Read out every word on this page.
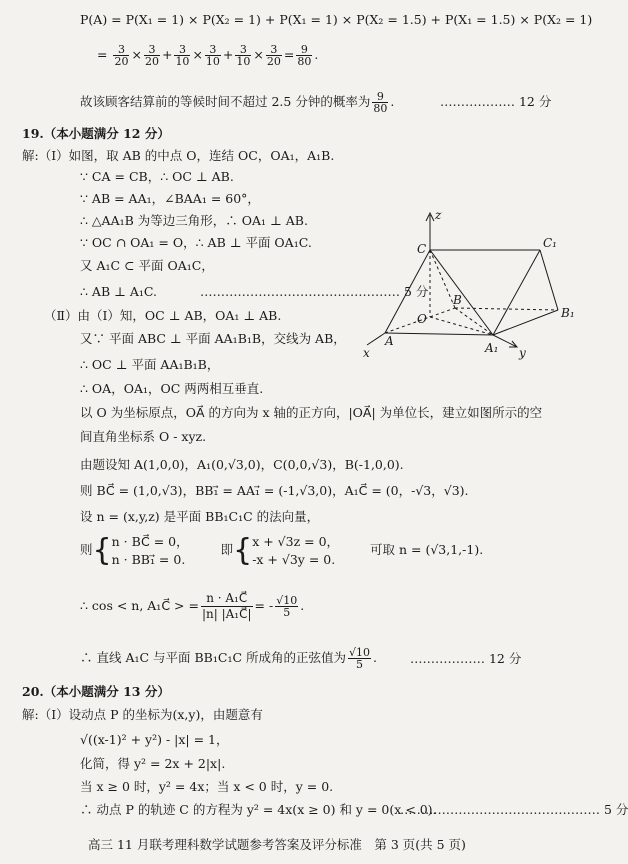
P(A) = P(X₁ = 1) × P(X₂ = 1) + P(X₁ = 1) × P(X₂ = 1.5) + P(X₁ = 1.5) × P(X₂ = 1)
= $\frac{3}{20} \times \frac{3}{20} + \frac{3}{10} \times \frac{3}{10} + \frac{3}{10} \times \frac{3}{20} = \frac{9}{80}$ .
故该顾客结算前的等候时间不超过 2.5 分钟的概率为 $\frac{9}{80}$ .	……………… 12 分
19.（本小题满分 12 分）
解:（Ⅰ）如图，取 AB 的中点 O，连结 OC，OA₁，A₁B.
∵ CA = CB，∴ OC ⊥ AB.
∵ AB = AA₁，∠BAA₁ = 60°，
∴ △AA₁B 为等边三角形，∴ OA₁ ⊥ AB.
∵ OC ∩ OA₁ = O，∴ AB ⊥ 平面 OA₁C.
又 A₁C ⊂ 平面 OA₁C，
∴ AB ⊥ A₁C.	………………………………………… 5 分
（Ⅱ）由（Ⅰ）知，OC ⊥ AB，OA₁ ⊥ AB.
又∵ 平面 ABC ⊥ 平面 AA₁B₁B，交线为 AB，
∴ OC ⊥ 平面 AA₁B₁B，
∴ OA，OA₁，OC 两两相互垂直.
以 O 为坐标原点，OA⃗ 的方向为 x 轴的正方向，|OA⃗| 为单位长，建立如图所示的空
间直角坐标系 O - xyz.
由题设知 A(1,0,0)，A₁(0,√3,0)，C(0,0,√3)，B(-1,0,0).
则 BC⃗ = (1,0,√3)，BB₁⃗ = AA₁⃗ = (-1,√3,0)，A₁C⃗ = (0，-√3，√3).
设 n = (x,y,z) 是平面 BB₁C₁C 的法向量，
则{ n · BC⃗ = 0，
n · BB₁⃗ = 0.
即{ x + √3z = 0，
-x + √3y = 0.
可取 n = (√3,1,-1).
∴ cos < n, A₁C⃗ > = $\frac{\text{n · A₁C⃗}}{\text{|n| |A₁C⃗|}}$ = - $\frac{√10}{5}$ .
∴ 直线 A₁C 与平面 BB₁C₁C 所成角的正弦值为 $\frac{√10}{5}$ .	……………… 12 分
20.（本小题满分 13 分）
解:（Ⅰ）设动点 P 的坐标为(x,y)，由题意有
√((x-1)² + y²) - |x| = 1，
化简，得 y² = 2x + 2|x|.
当 x ≥ 0 时，y² = 4x；当 x < 0 时，y = 0.
∴ 动点 P 的轨迹 C 的方程为 y² = 4x(x ≥ 0) 和 y = 0(x < 0).
………………………………………… 5 分
高三 11 月联考理科数学试题参考答案及评分标准　第 3 页(共 5 页)
z
C	C₁
O
B
B₁
A	A₁
x	y
